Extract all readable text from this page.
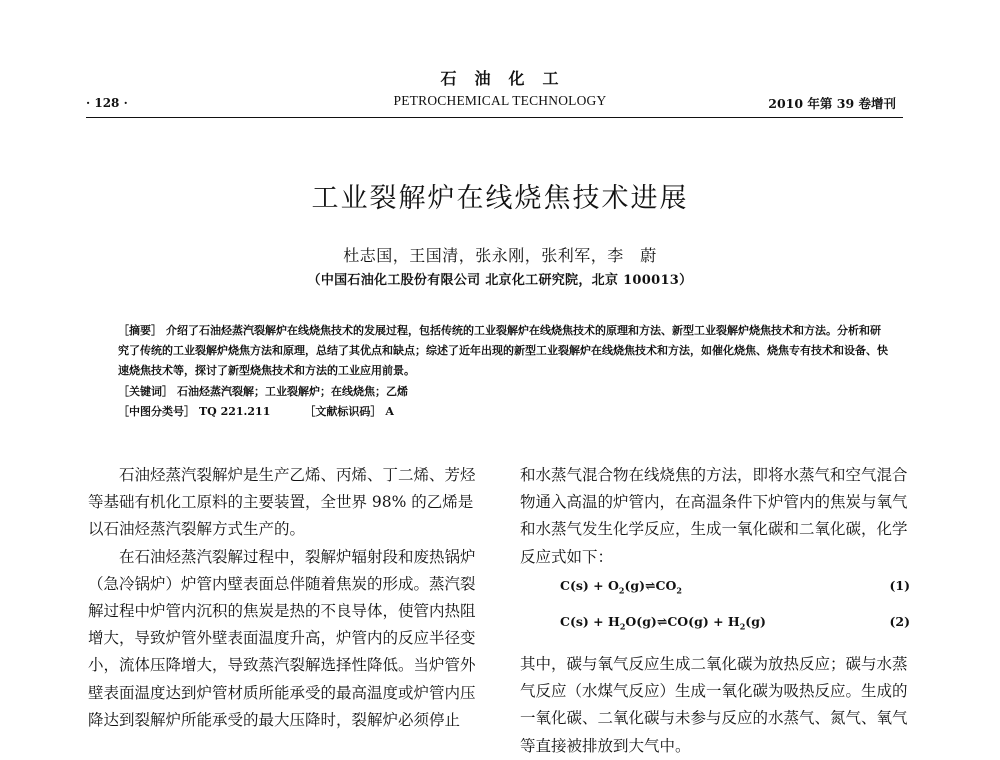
石　油　化　工
PETROCHEMICAL TECHNOLOGY
· 128 ·	2010 年第 39 卷增刊
工业裂解炉在线烧焦技术进展
杜志国，王国清，张永刚，张利军，李　蔚
（中国石油化工股份有限公司 北京化工研究院，北京 100013）

［摘要］ 介绍了石油烃蒸汽裂解炉在线烧焦技术的发展过程，包括传统的工业裂解炉在线烧焦技术的原理和方法、新型工业裂解炉烧焦技术和方法。分析和研究了传统的工业裂解炉烧焦方法和原理，总结了其优点和缺点；综述了近年出现的新型工业裂解炉在线烧焦技术和方法，如催化烧焦、烧焦专有技术和设备、快速烧焦技术等，探讨了新型烧焦技术和方法的工业应用前景。

［关键词］ 石油烃蒸汽裂解；工业裂解炉；在线烧焦；乙烯

［中图分类号］ TQ 221.211	［文献标识码］ A

石油烃蒸汽裂解炉是生产乙烯、丙烯、丁二烯、芳烃等基础有机化工原料的主要装置，全世界 98% 的乙烯是以石油烃蒸汽裂解方式生产的。

在石油烃蒸汽裂解过程中，裂解炉辐射段和废热锅炉（急冷锅炉）炉管内壁表面总伴随着焦炭的形成。蒸汽裂解过程中炉管内沉积的焦炭是热的不良导体，使管内热阻增大，导致炉管外壁表面温度升高，炉管内的反应半径变小，流体压降增大，导致蒸汽裂解选择性降低。当炉管外壁表面温度达到炉管材质所能承受的最高温度或炉管内压降达到裂解炉所能承受的最大压降时，裂解炉必须停止

和水蒸气混合物在线烧焦的方法，即将水蒸气和空气混合物通入高温的炉管内，在高温条件下炉管内的焦炭与氧气和水蒸气发生化学反应，生成一氧化碳和二氧化碳，化学反应式如下：

$C(s) + O_2(g)\rightleftharpoons CO_2$	(1)
$C(s) + H_2O(g)\rightleftharpoons CO(g) + H_2(g)$	(2)

其中，碳与氧气反应生成二氧化碳为放热反应；碳与水蒸气反应（水煤气反应）生成一氧化碳为吸热反应。生成的一氧化碳、二氧化碳与未参与反应的水蒸气、氮气、氧气等直接被排放到大气中。
